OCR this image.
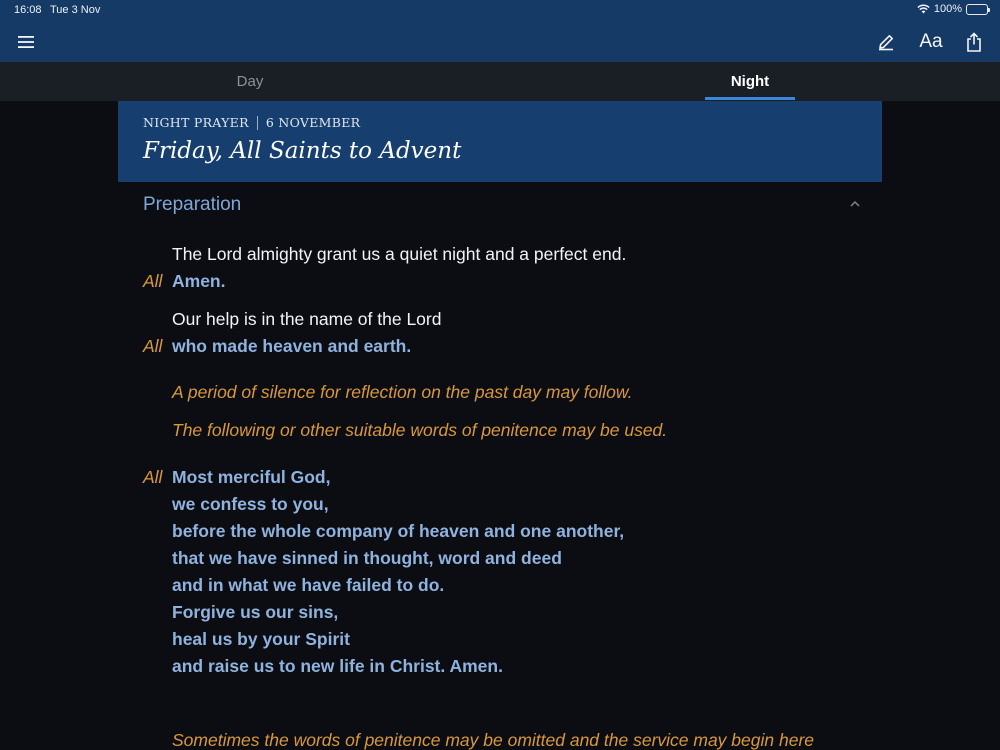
16:08 Tue 3 Nov	100%
Aa
Day	Night
NIGHT PRAYER 6 NOVEMBER
Friday, All Saints to Advent
Preparation
The Lord almighty grant us a quiet night and a perfect end.
All Amen.
Our help is in the name of the Lord
All who made heaven and earth.
A period of silence for reflection on the past day may follow.
The following or other suitable words of penitence may be used.
All Most merciful God,
we confess to you,
before the whole company of heaven and one another,
that we have sinned in thought, word and deed
and in what we have failed to do.
Forgive us our sins,
heal us by your Spirit
and raise us to new life in Christ. Amen.
Sometimes the words of penitence may be omitted and the service may begin here
